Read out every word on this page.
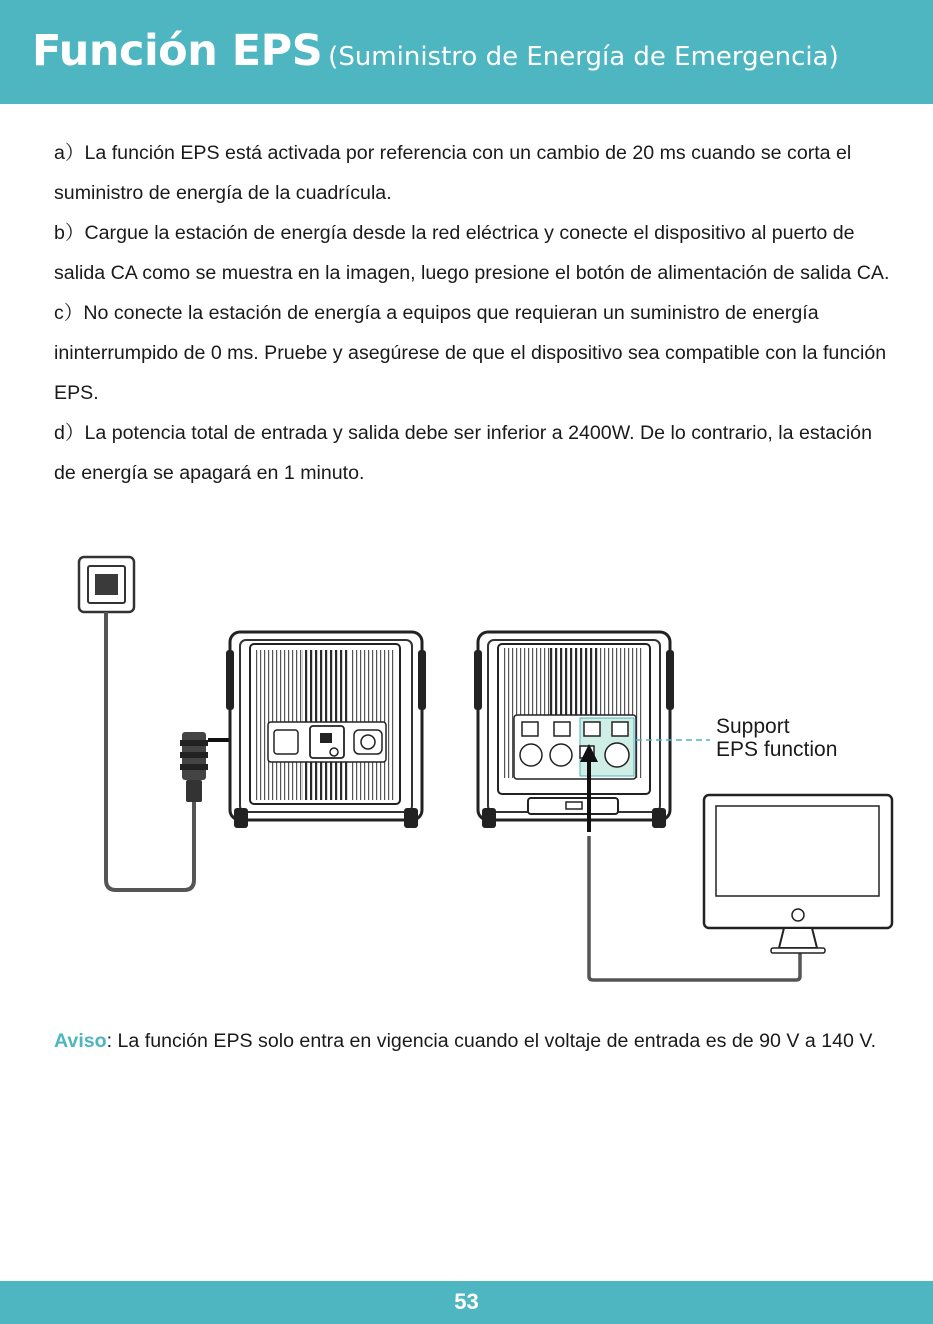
Función EPS (Suministro de Energía de Emergencia)

a）La función EPS está activada por referencia con un cambio de 20 ms cuando se corta el suministro de energía de la cuadrícula.

b）Cargue la estación de energía desde la red eléctrica y conecte el dispositivo al puerto de salida CA como se muestra en la imagen, luego presione el botón de alimentación de salida CA.

c）No conecte la estación de energía a equipos que requieran un suministro de energía ininterrumpido de 0 ms. Pruebe y asegúrese de que el dispositivo sea compatible con la función EPS.

d）La potencia total de entrada y salida debe ser inferior a 2400W. De lo contrario, la estación de energía se apagará en 1 minuto.

Support
EPS function
Aviso: La función EPS solo entra en vigencia cuando el voltaje de entrada es de 90 V a 140 V.
53
